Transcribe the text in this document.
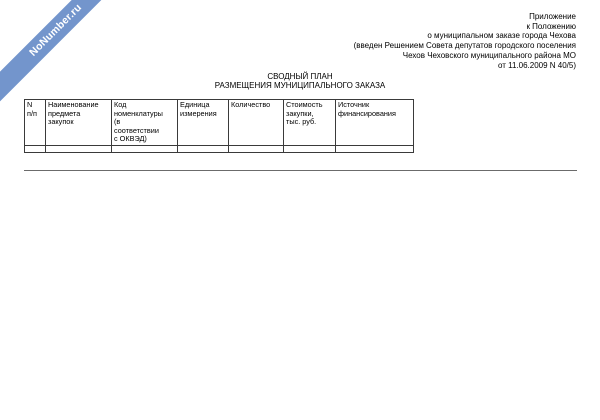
NoNumber.ru	Приложение
к Положению
о муниципальном заказе города Чехова
(введен Решением Совета депутатов городского поселения
Чехов Чеховского муниципального района МО
от 11.06.2009 N 40/5)
СВОДНЫЙ ПЛАН
РАЗМЕЩЕНИЯ МУНИЦИПАЛЬНОГО ЗАКАЗА
N
п/п	Наименование
предмета
закупок	Код
номенклатуры
(в
соответствии
с ОКВЭД)	Единица
измерения	Количество	Стоимость
закупки,
тыс. руб.	Источник
финансирования
